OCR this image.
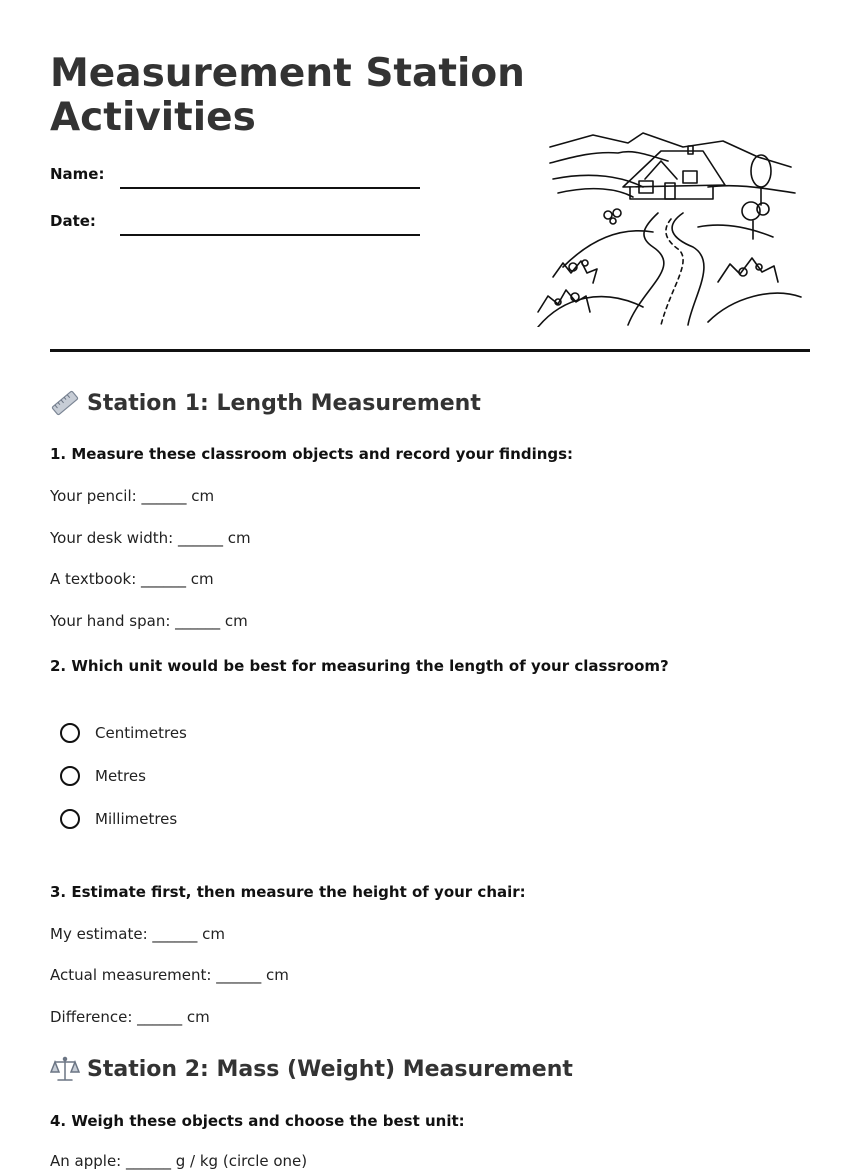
Measurement Station
Activities
Name:
Date:
Station 1: Length Measurement
1. Measure these classroom objects and record your findings:
Your pencil: ______ cm
Your desk width: ______ cm
A textbook: ______ cm
Your hand span: ______ cm
2. Which unit would be best for measuring the length of your classroom?
Centimetres
Metres
Millimetres
3. Estimate first, then measure the height of your chair:
My estimate: ______ cm
Actual measurement: ______ cm
Difference: ______ cm
Station 2: Mass (Weight) Measurement
4. Weigh these objects and choose the best unit:
An apple: ______ g / kg (circle one)
